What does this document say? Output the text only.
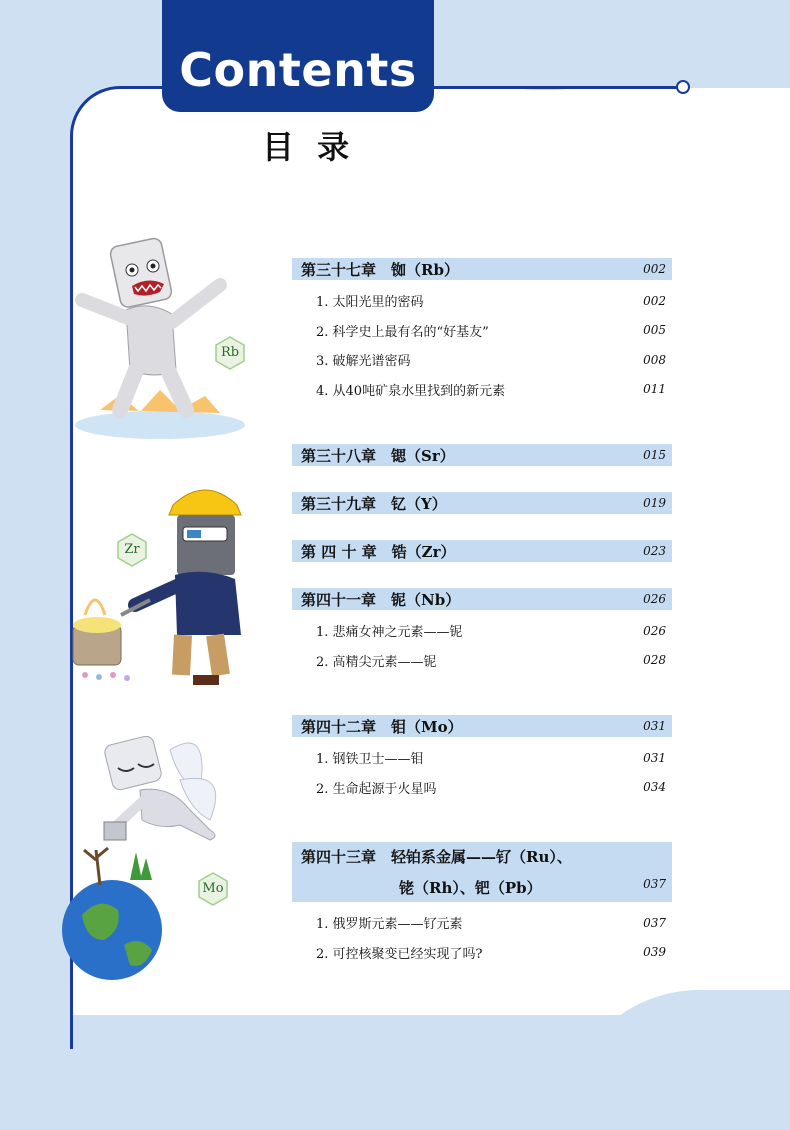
Contents
目 录
Rb
Zr
Mo
第三十七章　铷（Rb）	002
1. 太阳光里的密码	002
2. 科学史上最有名的“好基友”	005
3. 破解光谱密码	008
4. 从40吨矿泉水里找到的新元素	011
第三十八章　锶（Sr）	015
第三十九章　钇（Y）	019
第 四 十 章　锆（Zr）	023
第四十一章　铌（Nb）	026
1. 悲痛女神之元素——铌	026
2. 高精尖元素——铌	028
第四十二章　钼（Mo）	031
1. 钢铁卫士——钼	031
2. 生命起源于火星吗	034
第四十三章　轻铂系金属——钌（Ru）、
铑（Rh）、钯（Pb）	037
1. 俄罗斯元素——钌元素	037
2. 可控核聚变已经实现了吗?	039
